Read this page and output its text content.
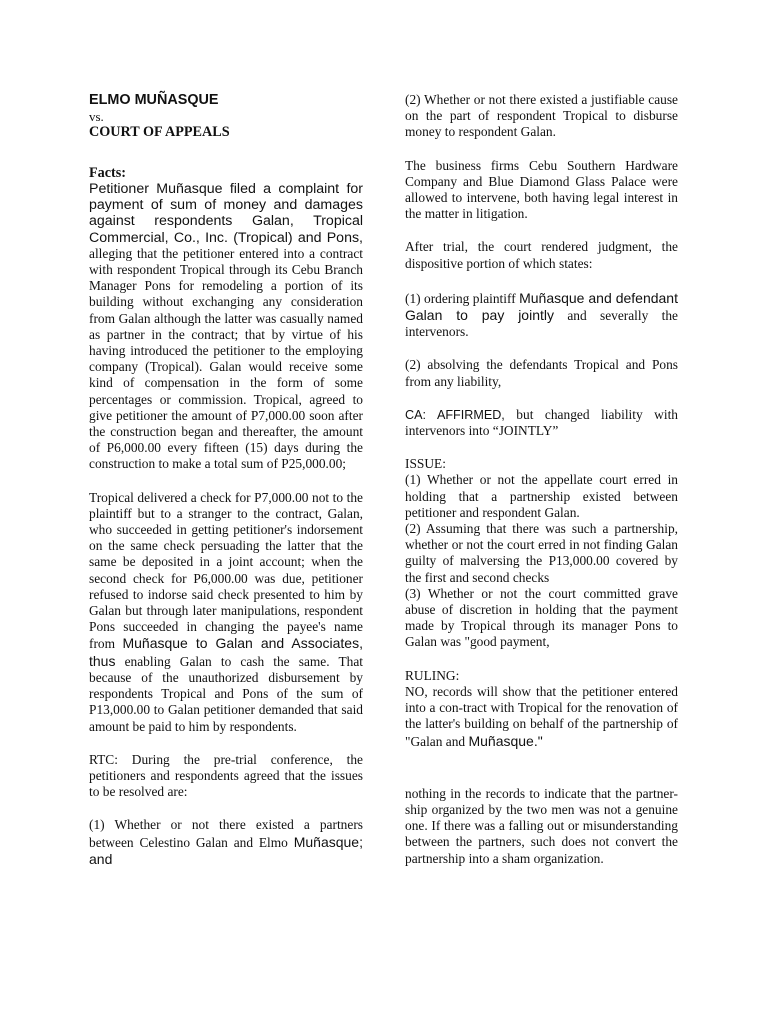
ELMO MUÑASQUE

vs.

COURT OF APPEALS

Facts:

Petitioner Muñasque filed a complaint for payment of sum of money and damages against respondents Galan, Tropical Commercial, Co., Inc. (Tropical) and Pons, alleging that the petitioner entered into a contract with respondent Tropical through its Cebu Branch Manager Pons for remodeling a portion of its building without exchanging any consideration from Galan although the latter was casually named as partner in the contract; that by virtue of his having introduced the petitioner to the employing company (Tropical). Galan would receive some kind of compensation in the form of some percentages or commission. Tropical, agreed to give petitioner the amount of P7,000.00 soon after the construction began and thereafter, the amount of P6,000.00 every fifteen (15) days during the construction to make a total sum of P25,000.00;

Tropical delivered a check for P7,000.00 not to the plaintiff but to a stranger to the contract, Galan, who succeeded in getting petitioner's indorsement on the same check persuading the latter that the same be deposited in a joint account; when the second check for P6,000.00 was due, petitioner refused to indorse said check presented to him by Galan but through later manipulations, respondent Pons succeeded in changing the payee's name from Muñasque to Galan and Associates, thus enabling Galan to cash the same. That because of the unauthorized disbursement by respondents Tropical and Pons of the sum of P13,000.00 to Galan petitioner demanded that said amount be paid to him by respondents.

RTC: During the pre-trial conference, the petitioners and respondents agreed that the issues to be resolved are:

(1) Whether or not there existed a partners between Celestino Galan and Elmo Muñasque; and

(2) Whether or not there existed a justifiable cause on the part of respondent Tropical to disburse money to respondent Galan.

The business firms Cebu Southern Hardware Company and Blue Diamond Glass Palace were allowed to intervene, both having legal interest in the matter in litigation.

After trial, the court rendered judgment, the dispositive portion of which states:

(1) ordering plaintiff Muñasque and defendant Galan to pay jointly and severally the intervenors.

(2) absolving the defendants Tropical and Pons from any liability,

CA: AFFIRMED, but changed liability with intervenors into “JOINTLY”

ISSUE:

(1) Whether or not the appellate court erred in holding that a partnership existed between petitioner and respondent Galan.

(2) Assuming that there was such a partnership, whether or not the court erred in not finding Galan guilty of malversing the P13,000.00 covered by the first and second checks

(3) Whether or not the court committed grave abuse of discretion in holding that the payment made by Tropical through its manager Pons to Galan was "good payment,

RULING:

NO, records will show that the petitioner entered into a con-tract with Tropical for the renovation of the latter's building on behalf of the partnership of "Galan and Muñasque."

nothing in the records to indicate that the partner-ship organized by the two men was not a genuine one. If there was a falling out or misunderstanding between the partners, such does not convert the partnership into a sham organization.
